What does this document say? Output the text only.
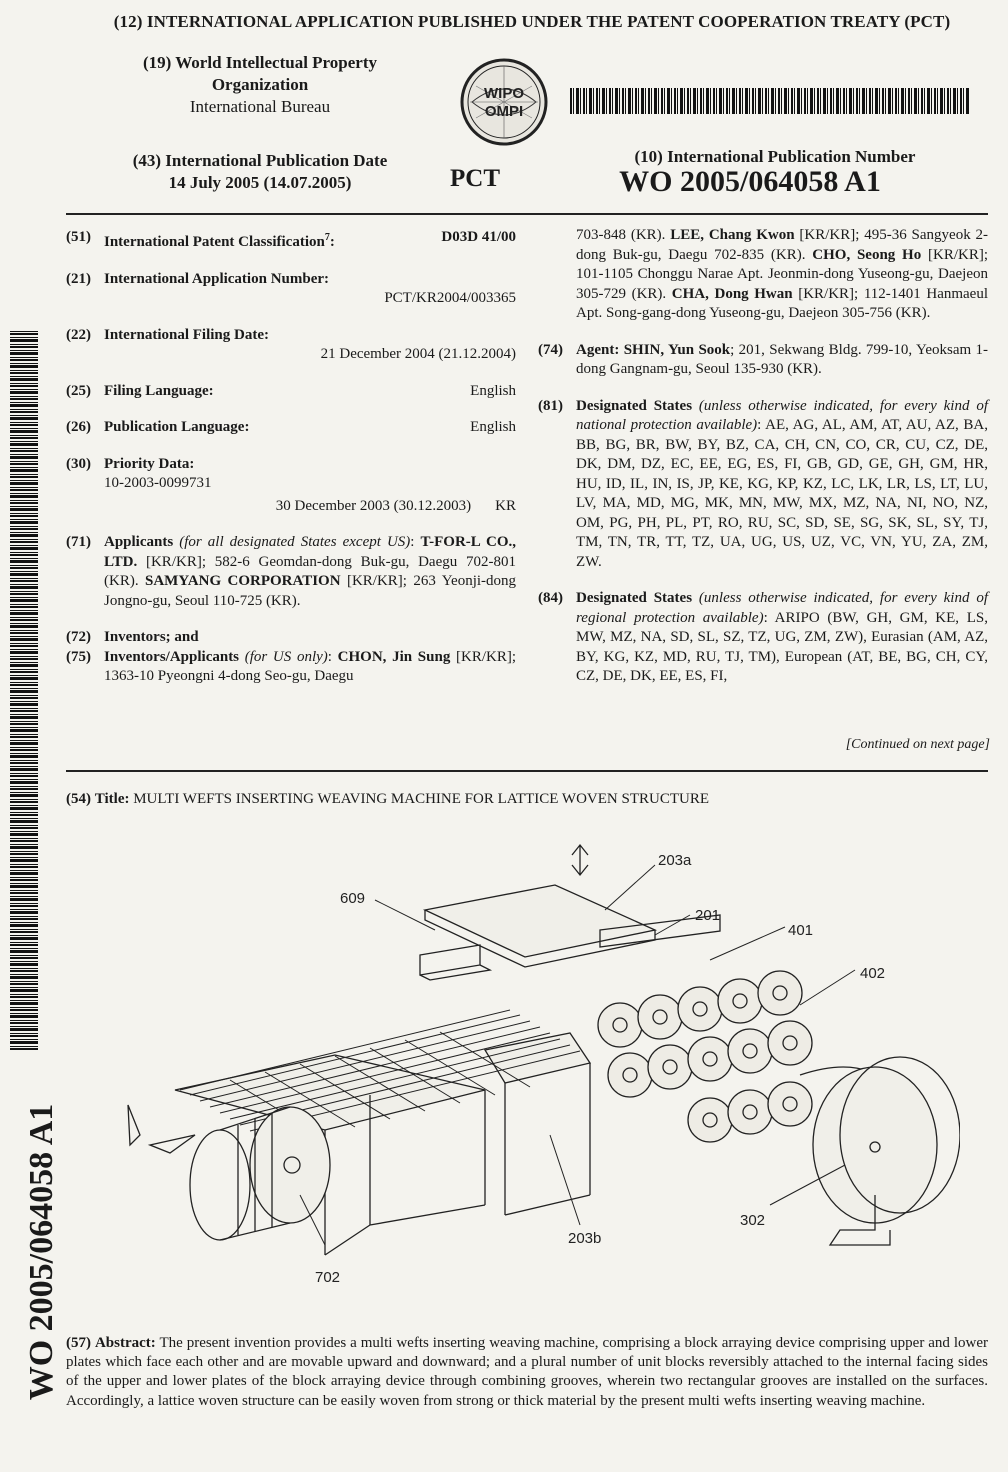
(12) INTERNATIONAL APPLICATION PUBLISHED UNDER THE PATENT COOPERATION TREATY (PCT)
(19) World Intellectual Property
Organization
International Bureau
WIPO
OMPI
WO 2005/064058 A1
(43) International Publication Date
14 July 2005 (14.07.2005)	PCT
(10) International Publication Number
WO 2005/064058 A1
(51) International Patent Classification$^7$:	D03D 41/00
(21) International Application Number:
PCT/KR2004/003365
(22) International Filing Date:
21 December 2004 (21.12.2004)
(25) Filing Language:	English
(26) Publication Language:	English
(30) Priority Data:
10-2003-0099731
30 December 2003 (30.12.2003) KR
(71) Applicants (for all designated States except US): T-FOR-L CO., LTD. [KR/KR]; 582-6 Geomdan-dong Buk-gu, Daegu 702-801 (KR). SAMYANG CORPORATION [KR/KR]; 263 Yeonji-dong Jongno-gu, Seoul 110-725 (KR).
(72) Inventors; and
(75) Inventors/Applicants (for US only): CHON, Jin Sung [KR/KR]; 1363-10 Pyeongni 4-dong Seo-gu, Daegu
703-848 (KR). LEE, Chang Kwon [KR/KR]; 495-36 Sangyeok 2-dong Buk-gu, Daegu 702-835 (KR). CHO, Seong Ho [KR/KR]; 101-1105 Chonggu Narae Apt. Jeonmin-dong Yuseong-gu, Daejeon 305-729 (KR). CHA, Dong Hwan [KR/KR]; 112-1401 Hanmaeul Apt. Song-gang-dong Yuseong-gu, Daejeon 305-756 (KR).
(74) Agent: SHIN, Yun Sook; 201, Sekwang Bldg. 799-10, Yeoksam 1-dong Gangnam-gu, Seoul 135-930 (KR).
(81) Designated States (unless otherwise indicated, for every kind of national protection available): AE, AG, AL, AM, AT, AU, AZ, BA, BB, BG, BR, BW, BY, BZ, CA, CH, CN, CO, CR, CU, CZ, DE, DK, DM, DZ, EC, EE, EG, ES, FI, GB, GD, GE, GH, GM, HR, HU, ID, IL, IN, IS, JP, KE, KG, KP, KZ, LC, LK, LR, LS, LT, LU, LV, MA, MD, MG, MK, MN, MW, MX, MZ, NA, NI, NO, NZ, OM, PG, PH, PL, PT, RO, RU, SC, SD, SE, SG, SK, SL, SY, TJ, TM, TN, TR, TT, TZ, UA, UG, US, UZ, VC, VN, YU, ZA, ZM, ZW.
(84) Designated States (unless otherwise indicated, for every kind of regional protection available): ARIPO (BW, GH, GM, KE, LS, MW, MZ, NA, SD, SL, SZ, TZ, UG, ZM, ZW), Eurasian (AM, AZ, BY, KG, KZ, MD, RU, TJ, TM), European (AT, BE, BG, CH, CY, CZ, DE, DK, EE, ES, FI,
[Continued on next page]
(54) Title: MULTI WEFTS INSERTING WEAVING MACHINE FOR LATTICE WOVEN STRUCTURE
203a
609
201
401
402
702
203b
302
(57) Abstract: The present invention provides a multi wefts inserting weaving machine, comprising a block arraying device comprising upper and lower plates which face each other and are movable upward and downward; and a plural number of unit blocks reversibly attached to the internal facing sides of the upper and lower plates of the block arraying device through combining grooves, wherein two rectangular grooves are installed on the surfaces. Accordingly, a lattice woven structure can be easily woven from strong or thick material by the present multi wefts inserting weaving machine.
